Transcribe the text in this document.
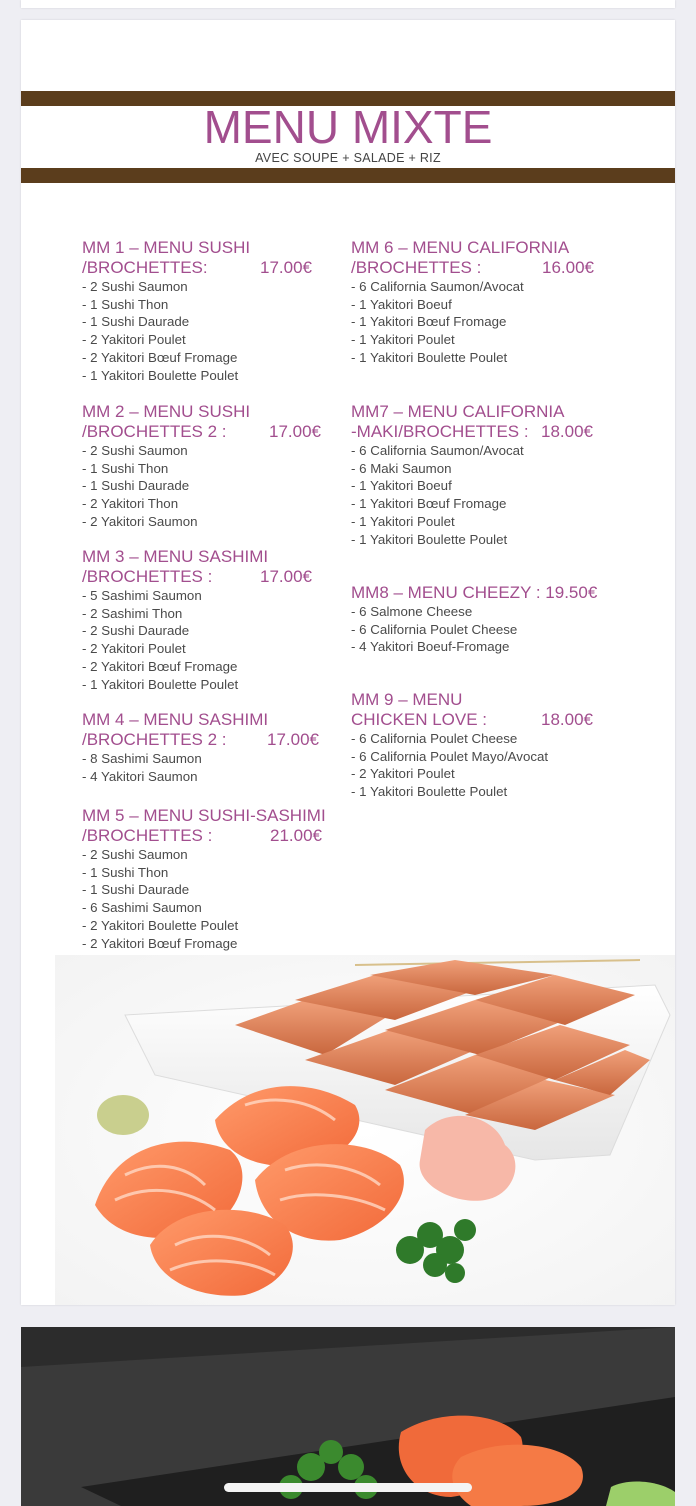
MENU MIXTE
AVEC SOUPE + SALADE + RIZ
MM 1 – MENU SUSHI
/BROCHETTES:	17.00€
- 2 Sushi Saumon
- 1 Sushi Thon
- 1 Sushi Daurade
- 2 Yakitori Poulet
- 2 Yakitori Bœuf Fromage
- 1 Yakitori Boulette Poulet
MM 2 – MENU SUSHI
/BROCHETTES 2 :	17.00€
- 2 Sushi Saumon
- 1 Sushi Thon
- 1 Sushi Daurade
- 2 Yakitori Thon
- 2 Yakitori Saumon
MM 3 – MENU SASHIMI
/BROCHETTES :	17.00€
- 5 Sashimi Saumon
- 2 Sashimi Thon
- 2 Sushi Daurade
- 2 Yakitori Poulet
- 2 Yakitori Bœuf Fromage
- 1 Yakitori Boulette Poulet
MM 4 – MENU SASHIMI
/BROCHETTES 2 :	17.00€
- 8 Sashimi Saumon
- 4 Yakitori Saumon
MM 5 – MENU SUSHI-SASHIMI
/BROCHETTES :	21.00€
- 2 Sushi Saumon
- 1 Sushi Thon
- 1 Sushi Daurade
- 6 Sashimi Saumon
- 2 Yakitori Boulette Poulet
- 2 Yakitori Bœuf Fromage
MM 6 – MENU CALIFORNIA
/BROCHETTES :	16.00€
- 6 California Saumon/Avocat
- 1 Yakitori Boeuf
- 1 Yakitori Bœuf Fromage
- 1 Yakitori Poulet
- 1 Yakitori Boulette Poulet
MM7 – MENU CALIFORNIA
-MAKI/BROCHETTES : 18.00€
- 6 California Saumon/Avocat
- 6 Maki Saumon
- 1 Yakitori Boeuf
- 1 Yakitori Bœuf Fromage
- 1 Yakitori Poulet
- 1 Yakitori Boulette Poulet
MM8 – MENU CHEEZY : 19.50€
- 6 Salmone Cheese
- 6 California Poulet Cheese
- 4 Yakitori Boeuf-Fromage
MM 9 – MENU
CHICKEN LOVE :	18.00€
- 6 California Poulet Cheese
- 6 California Poulet Mayo/Avocat
- 2 Yakitori Poulet
- 1 Yakitori Boulette Poulet
